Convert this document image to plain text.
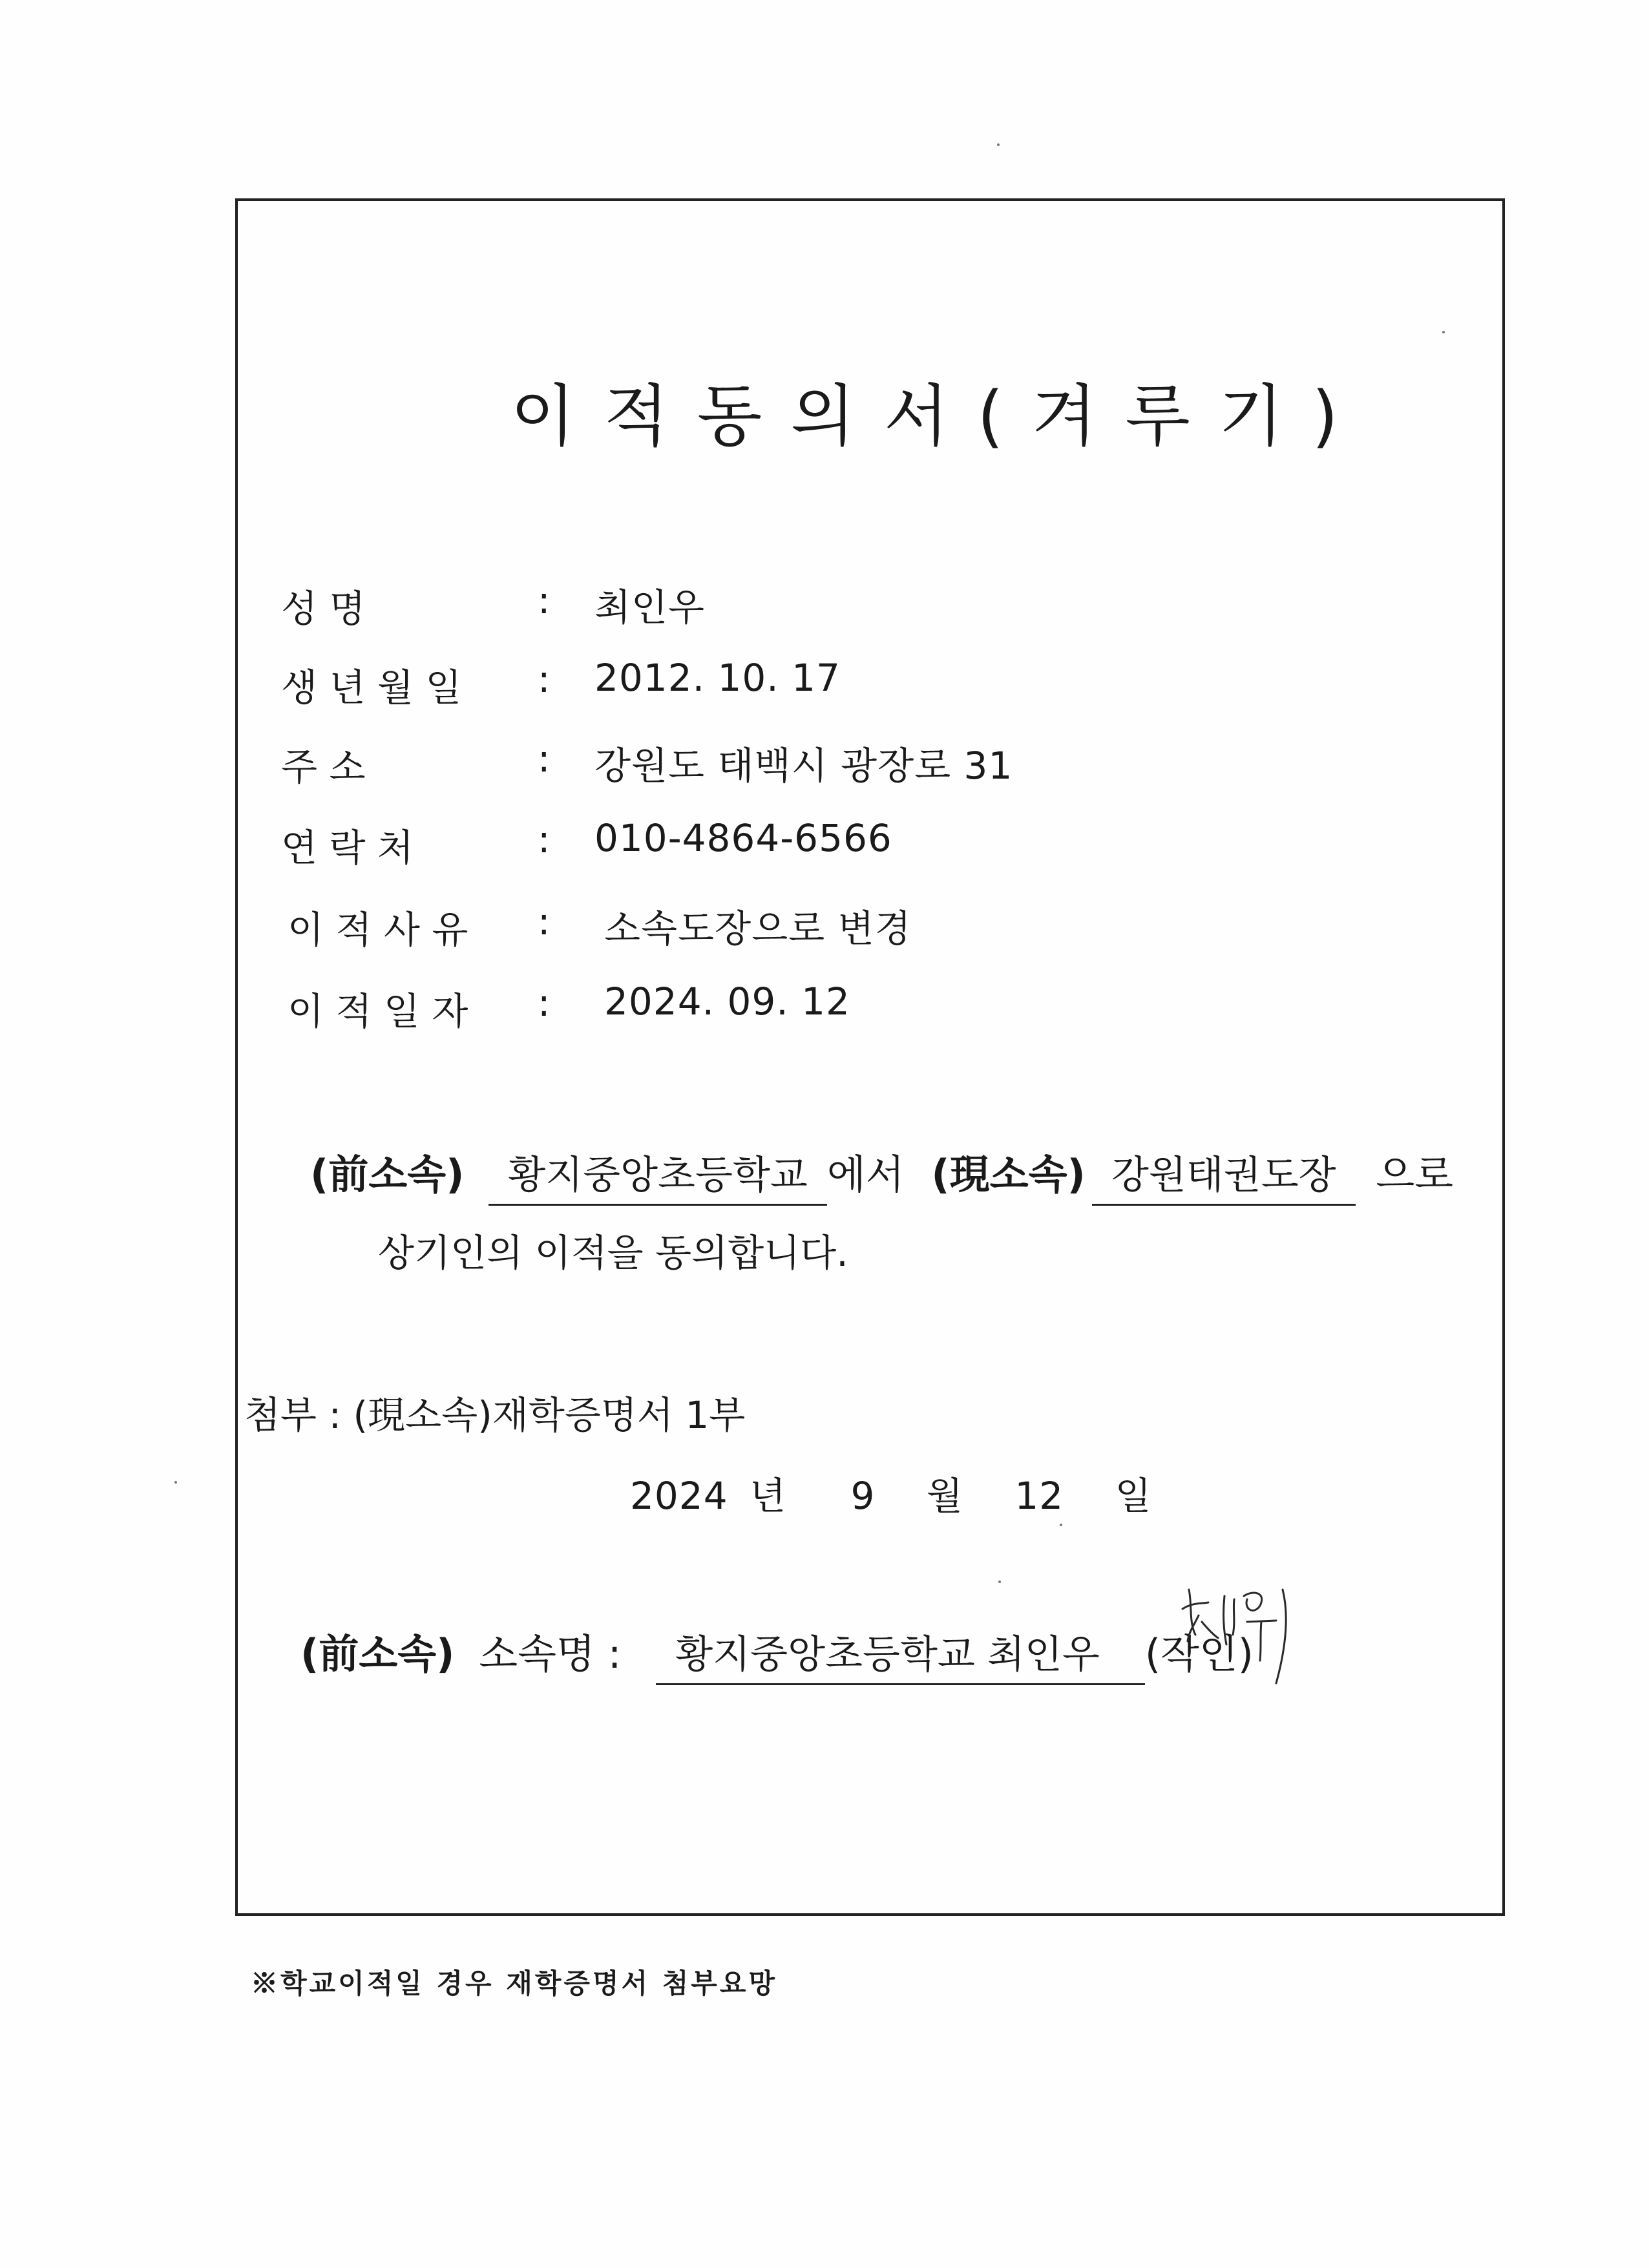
이적동의서(겨루기)
성 명	: 최인우
생 년 월 일 : 2012. 10. 17
주 소	: 강원도 태백시 광장로 31
연 락 처	: 010-4864-6566
이 적 사 유 : 소속도장으로 변경
이 적 일 자 : 2024. 09. 12
(前소속) 황지중앙초등학교 에서 (現소속) 강원태권도장 으로
상기인의 이적을 동의합니다.
첨부 : (現소속)재학증명서 1부
2024 년 9 월 12 일
(前소속) 소속명 : 황지중앙초등학교 최인우 (작인)
※학교이적일 경우 재학증명서 첨부요망
